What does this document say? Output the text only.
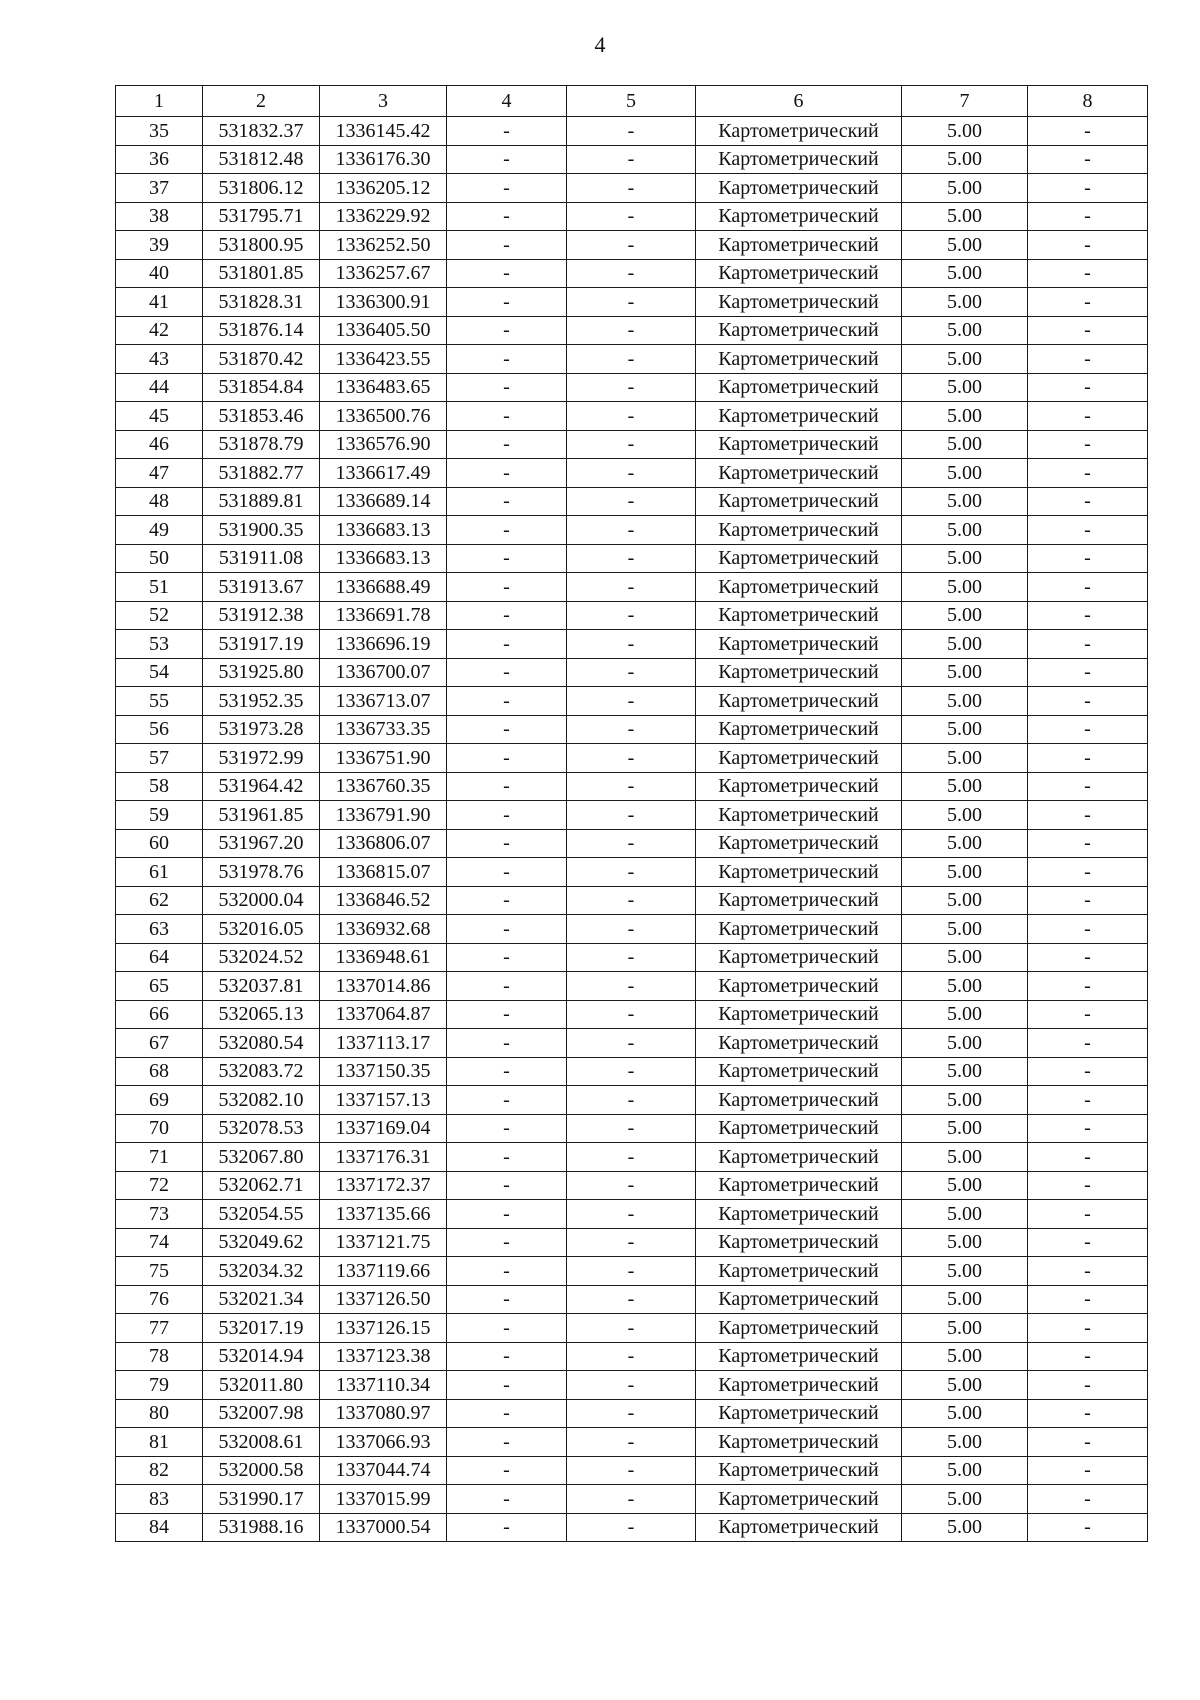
4
1	2	3	4	5	6	7	8
35	531832.37	1336145.42	-	-	Картометрический	5.00	-
36	531812.48	1336176.30	-	-	Картометрический	5.00	-
37	531806.12	1336205.12	-	-	Картометрический	5.00	-
38	531795.71	1336229.92	-	-	Картометрический	5.00	-
39	531800.95	1336252.50	-	-	Картометрический	5.00	-
40	531801.85	1336257.67	-	-	Картометрический	5.00	-
41	531828.31	1336300.91	-	-	Картометрический	5.00	-
42	531876.14	1336405.50	-	-	Картометрический	5.00	-
43	531870.42	1336423.55	-	-	Картометрический	5.00	-
44	531854.84	1336483.65	-	-	Картометрический	5.00	-
45	531853.46	1336500.76	-	-	Картометрический	5.00	-
46	531878.79	1336576.90	-	-	Картометрический	5.00	-
47	531882.77	1336617.49	-	-	Картометрический	5.00	-
48	531889.81	1336689.14	-	-	Картометрический	5.00	-
49	531900.35	1336683.13	-	-	Картометрический	5.00	-
50	531911.08	1336683.13	-	-	Картометрический	5.00	-
51	531913.67	1336688.49	-	-	Картометрический	5.00	-
52	531912.38	1336691.78	-	-	Картометрический	5.00	-
53	531917.19	1336696.19	-	-	Картометрический	5.00	-
54	531925.80	1336700.07	-	-	Картометрический	5.00	-
55	531952.35	1336713.07	-	-	Картометрический	5.00	-
56	531973.28	1336733.35	-	-	Картометрический	5.00	-
57	531972.99	1336751.90	-	-	Картометрический	5.00	-
58	531964.42	1336760.35	-	-	Картометрический	5.00	-
59	531961.85	1336791.90	-	-	Картометрический	5.00	-
60	531967.20	1336806.07	-	-	Картометрический	5.00	-
61	531978.76	1336815.07	-	-	Картометрический	5.00	-
62	532000.04	1336846.52	-	-	Картометрический	5.00	-
63	532016.05	1336932.68	-	-	Картометрический	5.00	-
64	532024.52	1336948.61	-	-	Картометрический	5.00	-
65	532037.81	1337014.86	-	-	Картометрический	5.00	-
66	532065.13	1337064.87	-	-	Картометрический	5.00	-
67	532080.54	1337113.17	-	-	Картометрический	5.00	-
68	532083.72	1337150.35	-	-	Картометрический	5.00	-
69	532082.10	1337157.13	-	-	Картометрический	5.00	-
70	532078.53	1337169.04	-	-	Картометрический	5.00	-
71	532067.80	1337176.31	-	-	Картометрический	5.00	-
72	532062.71	1337172.37	-	-	Картометрический	5.00	-
73	532054.55	1337135.66	-	-	Картометрический	5.00	-
74	532049.62	1337121.75	-	-	Картометрический	5.00	-
75	532034.32	1337119.66	-	-	Картометрический	5.00	-
76	532021.34	1337126.50	-	-	Картометрический	5.00	-
77	532017.19	1337126.15	-	-	Картометрический	5.00	-
78	532014.94	1337123.38	-	-	Картометрический	5.00	-
79	532011.80	1337110.34	-	-	Картометрический	5.00	-
80	532007.98	1337080.97	-	-	Картометрический	5.00	-
81	532008.61	1337066.93	-	-	Картометрический	5.00	-
82	532000.58	1337044.74	-	-	Картометрический	5.00	-
83	531990.17	1337015.99	-	-	Картометрический	5.00	-
84	531988.16	1337000.54	-	-	Картометрический	5.00	-
